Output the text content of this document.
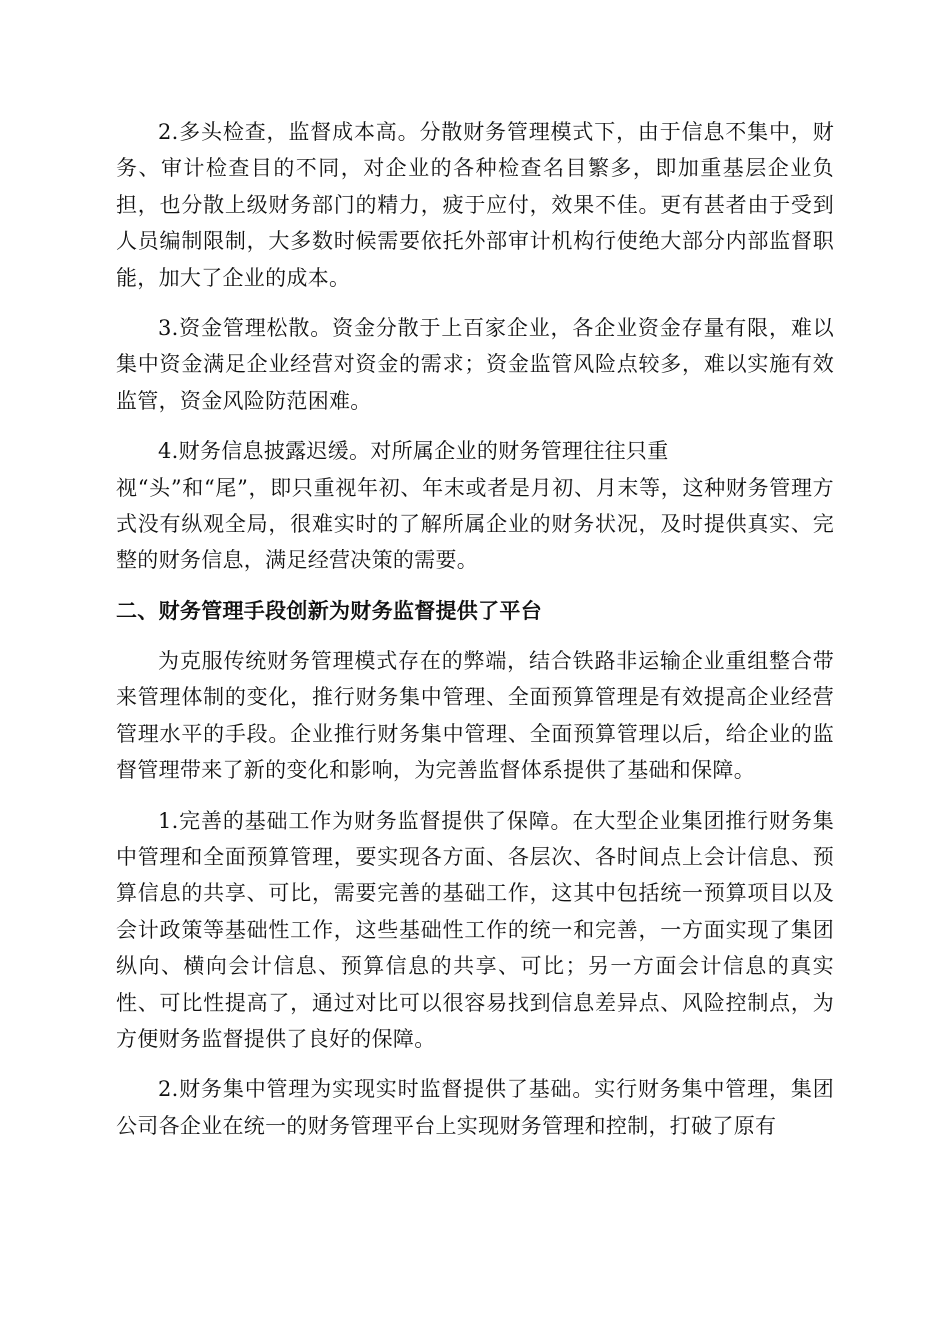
2.多头检查，监督成本高。分散财务管理模式下，由于信息不集中，财务、审计检查目的不同，对企业的各种检查名目繁多，即加重基层企业负担，也分散上级财务部门的精力，疲于应付，效果不佳。更有甚者由于受到人员编制限制，大多数时候需要依托外部审计机构行使绝大部分内部监督职能，加大了企业的成本。

3.资金管理松散。资金分散于上百家企业，各企业资金存量有限，难以集中资金满足企业经营对资金的需求；资金监管风险点较多，难以实施有效监管，资金风险防范困难。

4.财务信息披露迟缓。对所属企业的财务管理往往只重
视“头”和“尾”，即只重视年初、年末或者是月初、月末等，这种财务管理方式没有纵观全局，很难实时的了解所属企业的财务状况，及时提供真实、完整的财务信息，满足经营决策的需要。
二、财务管理手段创新为财务监督提供了平台

为克服传统财务管理模式存在的弊端，结合铁路非运输企业重组整合带来管理体制的变化，推行财务集中管理、全面预算管理是有效提高企业经营管理水平的手段。企业推行财务集中管理、全面预算管理以后，给企业的监督管理带来了新的变化和影响，为完善监督体系提供了基础和保障。

1.完善的基础工作为财务监督提供了保障。在大型企业集团推行财务集中管理和全面预算管理，要实现各方面、各层次、各时间点上会计信息、预算信息的共享、可比，需要完善的基础工作，这其中包括统一预算项目以及会计政策等基础性工作，这些基础性工作的统一和完善，一方面实现了集团纵向、横向会计信息、预算信息的共享、可比；另一方面会计信息的真实性、可比性提高了，通过对比可以很容易找到信息差异点、风险控制点，为方便财务监督提供了良好的保障。

2.财务集中管理为实现实时监督提供了基础。实行财务集中管理，集团公司各企业在统一的财务管理平台上实现财务管理和控制，打破了原有
